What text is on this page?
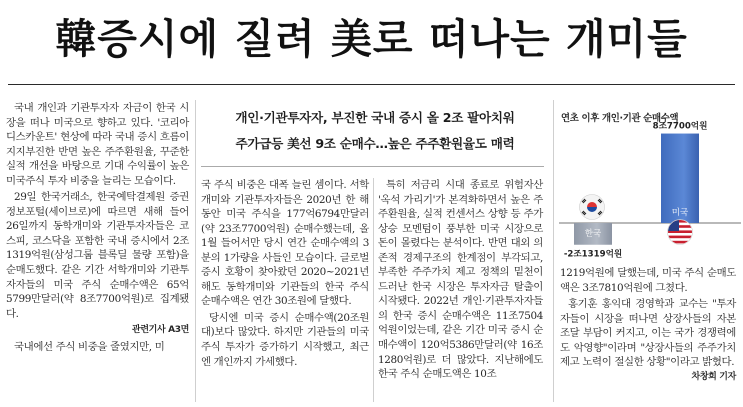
韓증시에 질려 美로 떠나는 개미들

국내 개인과 기관투자자 자금이 한국 시장을 떠나 미국으로 향하고 있다. '코리아 디스카운트' 현상에 따라 국내 증시 흐름이 지지부진한 반면 높은 주주환원율, 꾸준한 실적 개선을 바탕으로 기대 수익률이 높은 미국주식 투자 비중을 늘리는 모습이다.

29일 한국거래소, 한국예탁결제원 증권정보포털(세이브로)에 따르면 새해 들어 26일까지 동학개미와 기관투자자들은 코스피, 코스닥을 포함한 국내 증시에서 2조1319억원(삼성그룹 블록딜 물량 포함)을 순매도했다. 같은 기간 서학개미와 기관투자자들의 미국 주식 순매수액은 65억5799만달러(약 8조7700억원)로 집계됐다.

관련기사 A3면

국내에선 주식 비중을 줄였지만, 미

개인·기관투자자, 부진한 국내 증시 올 2조 팔아치워
주가급등 美선 9조 순매수…높은 주주환원율도 매력

국 주식 비중은 대폭 늘린 셈이다. 서학개미와 기관투자자들은 2020년 한 해 동안 미국 주식을 177억6794만달러(약 23조7700억원) 순매수했는데, 올 1월 들어서만 당시 연간 순매수액의 3분의 1가량을 사들인 모습이다. 글로벌 증시 호황이 찾아왔던 2020~2021년 해도 동학개미와 기관들의 한국 주식 순매수액은 연간 30조원에 달했다.

당시엔 미국 증시 순매수액(20조원대)보다 많았다. 하지만 기관들의 미국 주식 투자가 증가하기 시작했고, 최근엔 개인까지 가세했다.

특히 저금리 시대 종료로 위험자산 '옥석 가리기'가 본격화하면서 높은 주주환원율, 실적 컨센서스 상향 등 주가 상승 모멘텀이 풍부한 미국 시장으로 돈이 몰렸다는 분석이다. 반면 대외 의존적 경제구조의 한계점이 부각되고, 부족한 주주가치 제고 정책의 밑천이 드러난 한국 시장은 투자자금 탈출이 시작됐다. 2022년 개인·기관투자자들의 한국 증시 순매수액은 11조7504억원이었는데, 같은 기간 미국 증시 순매수액이 120억5386만달러(약 16조1280억원)로 더 많았다. 지난해에도 한국 주식 순매도액은 10조

연초 이후 개인·기관 순매수액
한국
-2조1319억원
미국
8조7700억원

1219억원에 달했는데, 미국 주식 순매도액은 3조7810억원에 그쳤다.

홍기훈 홍익대 경영학과 교수는 "투자자들이 시장을 떠나면 상장사들의 자본 조달 부담이 커지고, 이는 국가 경쟁력에도 악영향"이라며 "상장사들의 주주가치 제고 노력이 절실한 상황"이라고 밝혔다.
차창희 기자
